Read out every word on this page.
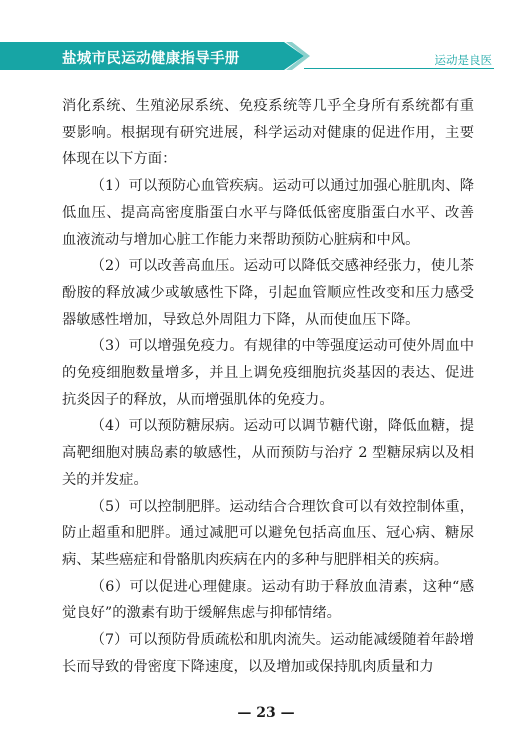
盐城市民运动健康指导手册	运动是良医

消化系统、生殖泌尿系统、免疫系统等几乎全身所有系统都有重要影响。根据现有研究进展，科学运动对健康的促进作用，主要体现在以下方面：

（1）可以预防心血管疾病。运动可以通过加强心脏肌肉、降低血压、提高高密度脂蛋白水平与降低低密度脂蛋白水平、改善血液流动与增加心脏工作能力来帮助预防心脏病和中风。

（2）可以改善高血压。运动可以降低交感神经张力，使儿茶酚胺的释放减少或敏感性下降，引起血管顺应性改变和压力感受器敏感性增加，导致总外周阻力下降，从而使血压下降。

（3）可以增强免疫力。有规律的中等强度运动可使外周血中的免疫细胞数量增多，并且上调免疫细胞抗炎基因的表达、促进抗炎因子的释放，从而增强肌体的免疫力。

（4）可以预防糖尿病。运动可以调节糖代谢，降低血糖，提高靶细胞对胰岛素的敏感性，从而预防与治疗 2 型糖尿病以及相关的并发症。

（5）可以控制肥胖。运动结合合理饮食可以有效控制体重，防止超重和肥胖。通过减肥可以避免包括高血压、冠心病、糖尿病、某些癌症和骨骼肌肉疾病在内的多种与肥胖相关的疾病。

（6）可以促进心理健康。运动有助于释放血清素，这种“感觉良好”的激素有助于缓解焦虑与抑郁情绪。

（7）可以预防骨质疏松和肌肉流失。运动能减缓随着年龄增长而导致的骨密度下降速度，以及增加或保持肌肉质量和力

— 23 —
